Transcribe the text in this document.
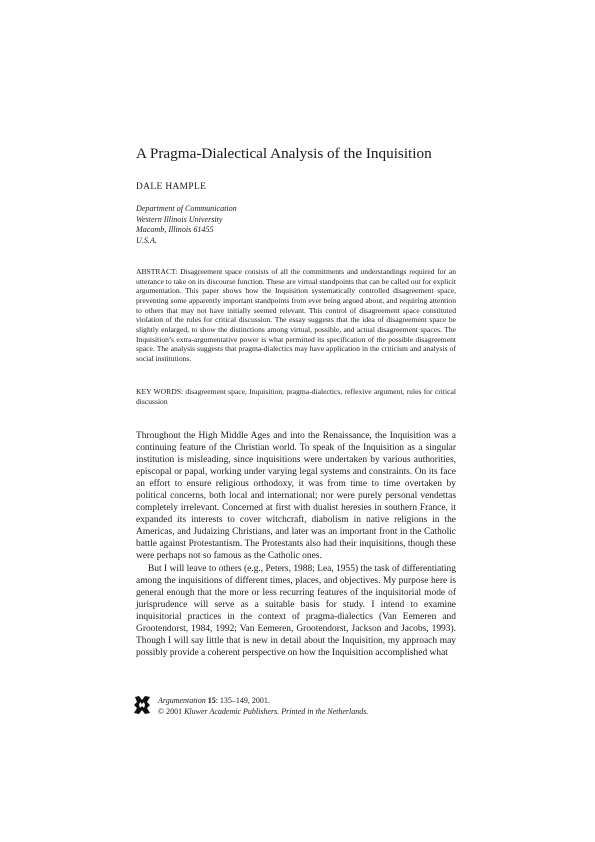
A Pragma-Dialectical Analysis of the Inquisition
DALE HAMPLE
Department of Communication
Western Illinois University
Macomb, Illinois 61455
U.S.A.
ABSTRACT: Disagreement space consists of all the commitments and understandings required for an utterance to take on its discourse function. These are virtual standpoints that can be called out for explicit argumentation. This paper shows how the Inquisition systematically controlled disagreement space, preventing some apparently important standpoints from ever being argued about, and requiring attention to others that may not have initially seemed relevant. This control of disagreement space constituted violation of the rules for critical discussion. The essay suggests that the idea of disagreement space be slightly enlarged, to show the distinctions among virtual, possible, and actual disagreement spaces. The Inquisition’s extra-argumentative power is what permitted its specification of the possible disagreement space. The analysis suggests that pragma-dialectics may have application in the criticism and analysis of social institutions.
KEY WORDS: disagreement space, Inquisition, pragma-dialectics, reflexive argument, rules for critical discussion

Throughout the High Middle Ages and into the Renaissance, the Inquisition was a continuing feature of the Christian world. To speak of the Inquisition as a singular institution is misleading, since inquisitions were undertaken by various authorities, episcopal or papal, working under varying legal systems and constraints. On its face an effort to ensure religious orthodoxy, it was from time to time overtaken by political concerns, both local and international; nor were purely personal vendettas completely irrelevant. Concerned at first with dualist heresies in southern France, it expanded its interests to cover witchcraft, diabolism in native religions in the Americas, and Judaizing Christians, and later was an important front in the Catholic battle against Protestantism. The Protestants also had their inquisitions, though these were perhaps not so famous as the Catholic ones.

But I will leave to others (e.g., Peters, 1988; Lea, 1955) the task of differentiating among the inquisitions of different times, places, and objectives. My purpose here is general enough that the more or less recurring features of the inquisitorial mode of jurisprudence will serve as a suitable basis for study. I intend to examine inquisitorial practices in the context of pragma-dialectics (Van Eemeren and Grootendorst, 1984, 1992; Van Eemeren, Grootendorst, Jackson and Jacobs, 1993). Though I will say little that is new in detail about the Inquisition, my approach may possibly provide a coherent perspective on how the Inquisition accomplished what

Argumentation 15: 135–149, 2001.
© 2001 Kluwer Academic Publishers. Printed in the Netherlands.
